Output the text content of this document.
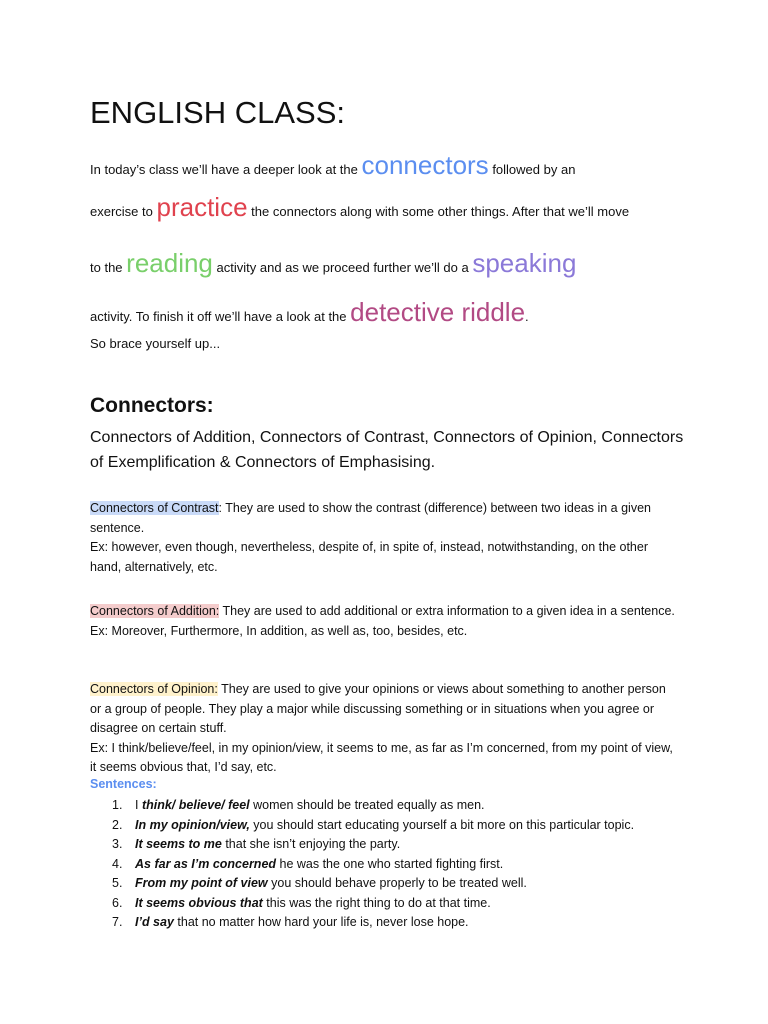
ENGLISH CLASS:
In today’s class we’ll have a deeper look at the connectors followed by an
exercise to practice the connectors along with some other things. After that we’ll move
to the reading activity and as we proceed further we’ll do a speaking
activity. To finish it off we’ll have a look at the detective riddle.
So brace yourself up...
Connectors:
Connectors of Addition, Connectors of Contrast, Connectors of Opinion, Connectors of Exemplification & Connectors of Emphasising.
Connectors of Contrast: They are used to show the contrast (difference) between two ideas in a given sentence.
Ex: however, even though, nevertheless, despite of, in spite of, instead, notwithstanding, on the other hand, alternatively, etc.
Connectors of Addition: They are used to add additional or extra information to a given idea in a sentence.
Ex: Moreover, Furthermore, In addition, as well as, too, besides, etc.
Connectors of Opinion: They are used to give your opinions or views about something to another person or a group of people. They play a major while discussing something or in situations when you agree or disagree on certain stuff.
Ex: I think/believe/feel, in my opinion/view, it seems to me, as far as I’m concerned, from my point of view, it seems obvious that, I’d say, etc.
Sentences:
1. I think/ believe/ feel women should be treated equally as men.
2. In my opinion/view, you should start educating yourself a bit more on this particular topic.
3. It seems to me that she isn’t enjoying the party.
4. As far as I’m concerned he was the one who started fighting first.
5. From my point of view you should behave properly to be treated well.
6. It seems obvious that this was the right thing to do at that time.
7. I’d say that no matter how hard your life is, never lose hope.
